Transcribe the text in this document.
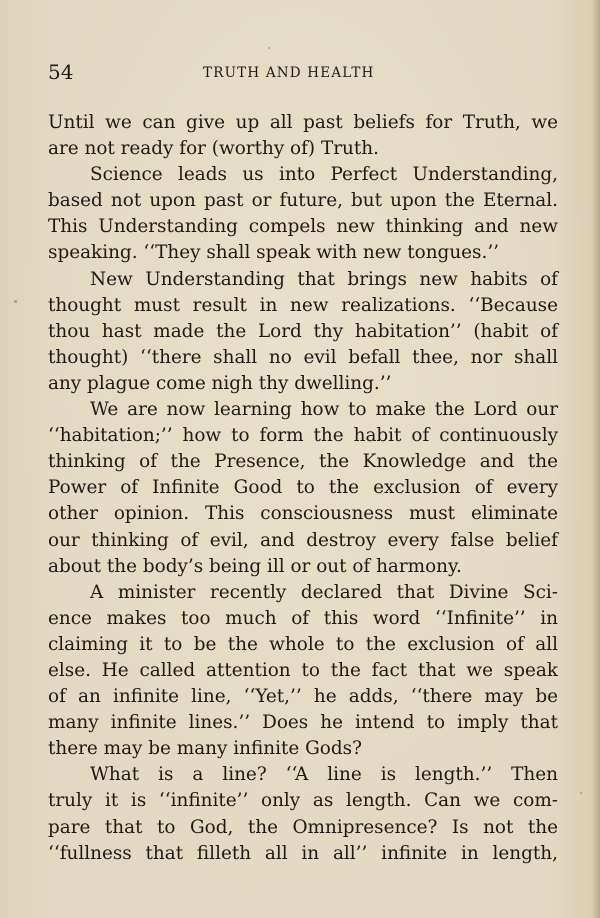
54	TRUTH AND HEALTH
Until we can give up all past beliefs for Truth, we
are not ready for (worthy of) Truth.
Science leads us into Perfect Understanding,
based not upon past or future, but upon the Eternal.
This Understanding compels new thinking and new
speaking. ‘‘They shall speak with new tongues.’’
New Understanding that brings new habits of
thought must result in new realizations. ‘‘Because
thou hast made the Lord thy habitation’’ (habit of
thought) ‘‘there shall no evil befall thee, nor shall
any plague come nigh thy dwelling.’’
We are now learning how to make the Lord our
‘‘habitation;’’ how to form the habit of continuously
thinking of the Presence, the Knowledge and the
Power of Infinite Good to the exclusion of every
other opinion. This consciousness must eliminate
our thinking of evil, and destroy every false belief
about the body’s being ill or out of harmony.
A minister recently declared that Divine Sci-
ence makes too much of this word ‘‘Infinite’’ in
claiming it to be the whole to the exclusion of all
else. He called attention to the fact that we speak
of an infinite line, ‘‘Yet,’’ he adds, ‘‘there may be
many infinite lines.’’ Does he intend to imply that
there may be many infinite Gods?
What is a line? ‘‘A line is length.’’ Then
truly it is ‘‘infinite’’ only as length. Can we com-
pare that to God, the Omnipresence? Is not the
‘‘fullness that filleth all in all’’ infinite in length,
